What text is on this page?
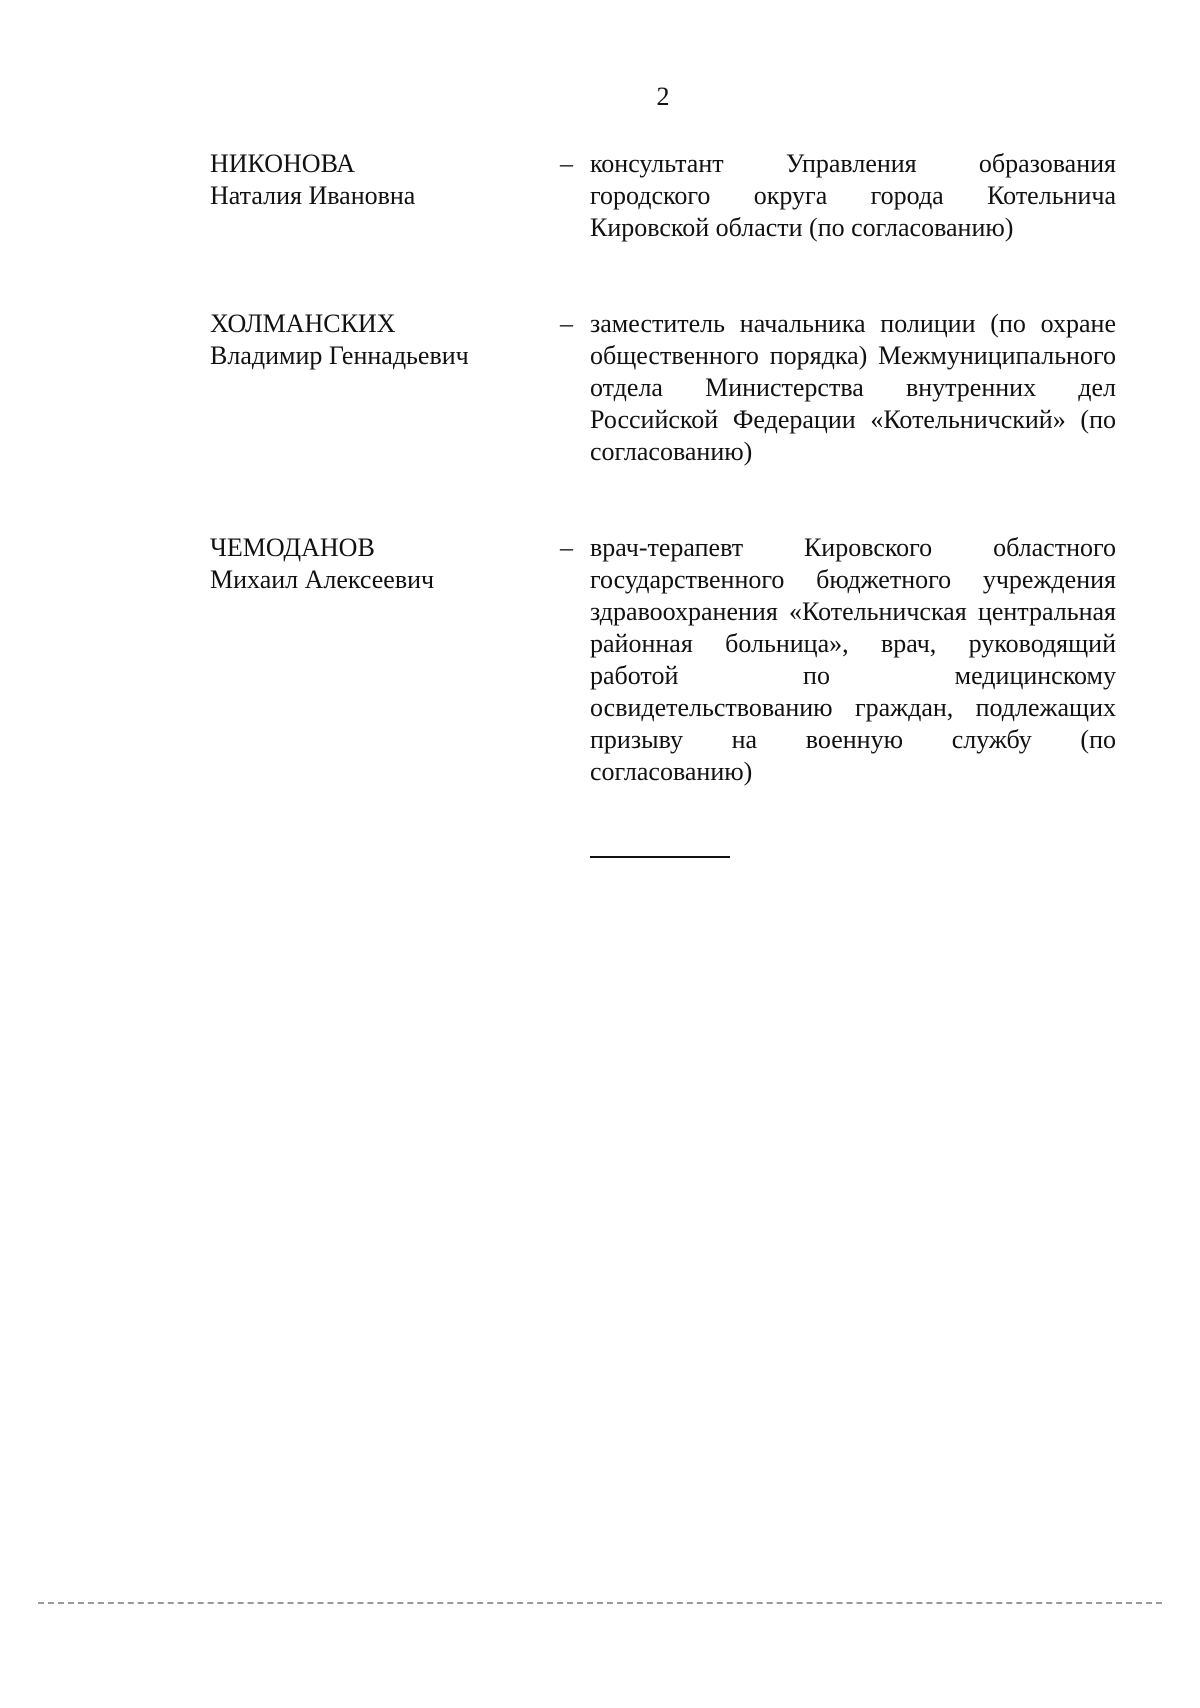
2
НИКОНОВА
Наталия Ивановна
– консультант Управления образования городского округа города Котельнича Кировской области (по согласованию)
ХОЛМАНСКИХ
Владимир Геннадьевич
– заместитель начальника полиции (по охране общественного порядка) Межмуниципального отдела Министерства внутренних дел Российской Федерации «Котельничский» (по согласованию)
ЧЕМОДАНОВ
Михаил Алексеевич
– врач-терапевт Кировского областного государственного бюджетного учреждения здравоохранения «Котельничская центральная районная больница», врач, руководящий работой по медицинскому освидетельствованию граждан, подлежащих призыву на военную службу (по согласованию)
